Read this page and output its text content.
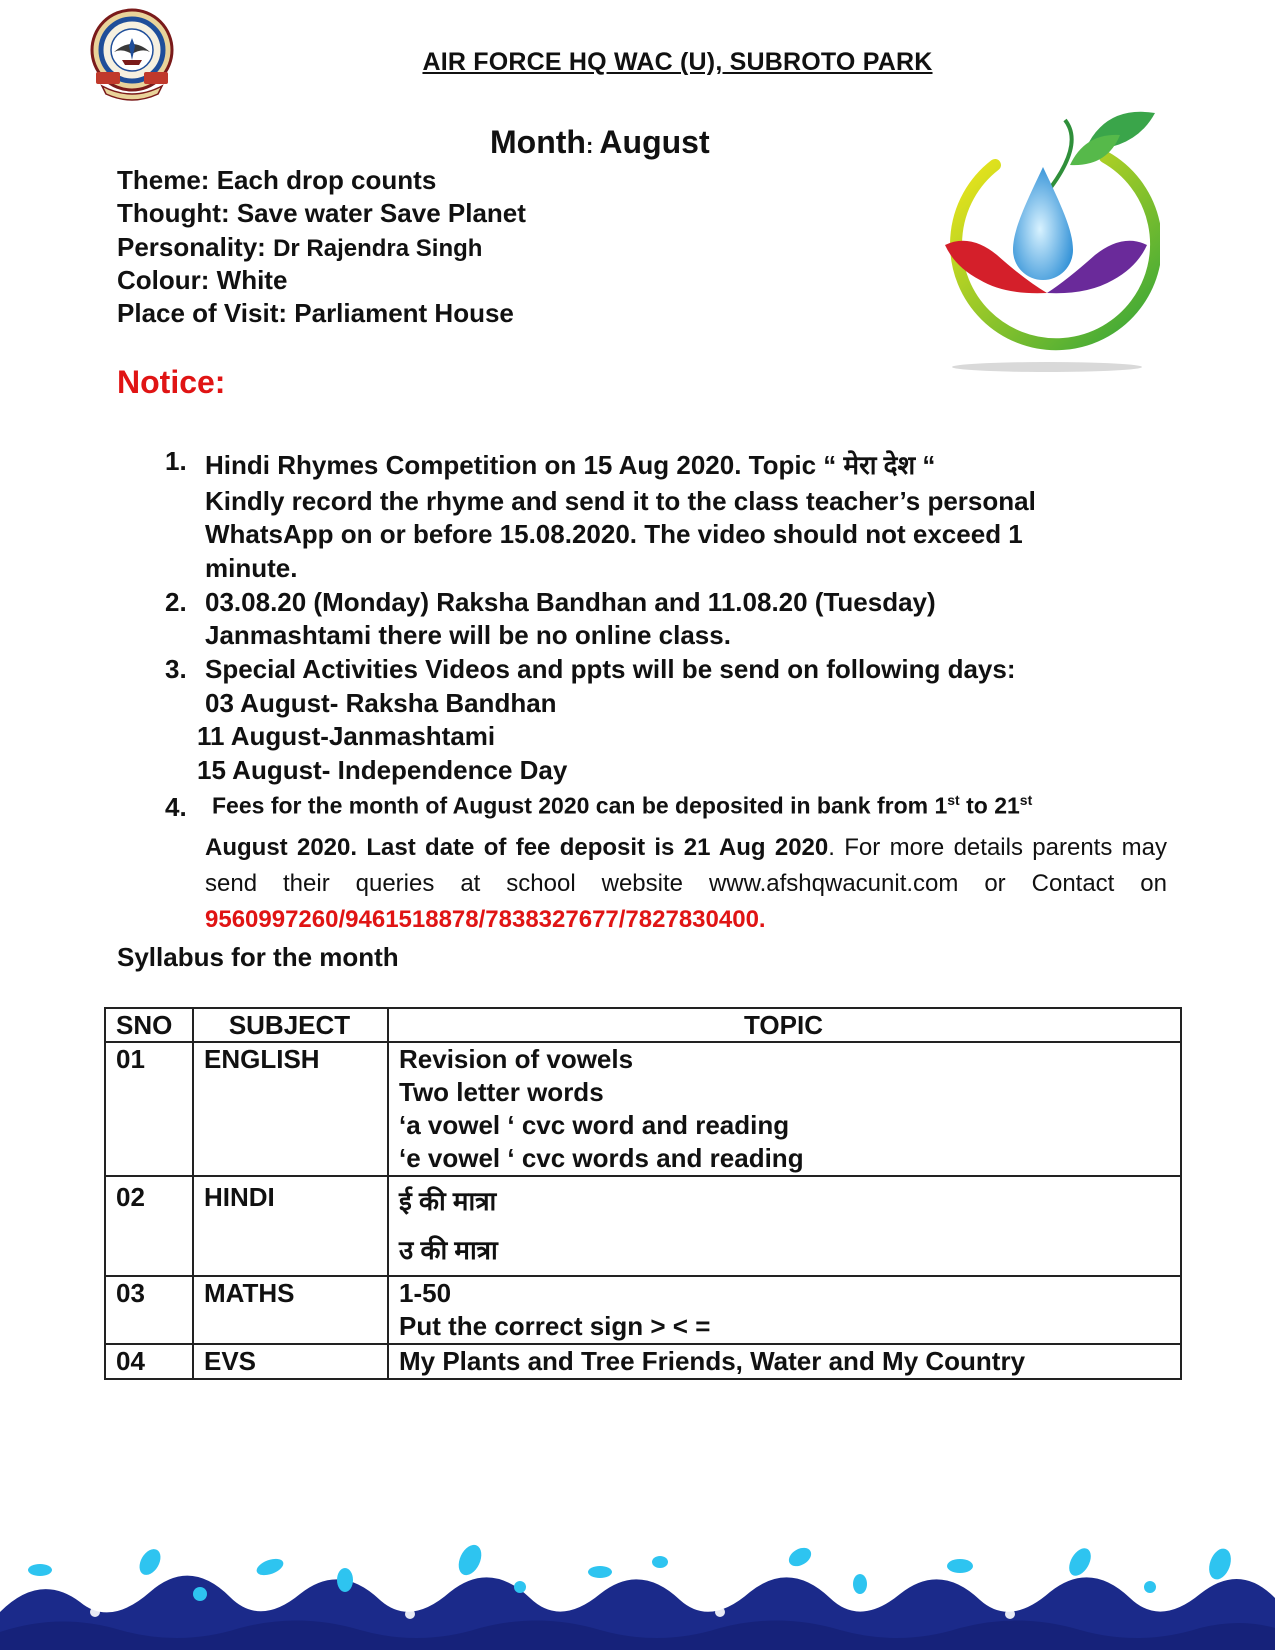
AIR FORCE HQ WAC (U), SUBROTO PARK
Month: August
Theme: Each drop counts
Thought: Save water Save Planet
Personality: Dr Rajendra Singh
Colour: White
Place of Visit: Parliament House
Notice:
1. Hindi Rhymes Competition on 15 Aug 2020. Topic “ मेरा देश “
Kindly record the rhyme and send it to the class teacher’s personal
WhatsApp on or before 15.08.2020. The video should not exceed 1
minute.
2. 03.08.20 (Monday) Raksha Bandhan and 11.08.20 (Tuesday)
Janmashtami there will be no online class.
3. Special Activities Videos and ppts will be send on following days:
03 August- Raksha Bandhan
11 August-Janmashtami
15 August- Independence Day
4. Fees for the month of August 2020 can be deposited in bank from 1st to 21st
August 2020. Last date of fee deposit is 21 Aug 2020. For more details parents may send their queries at school website www.afshqwacunit.com or Contact on 9560997260/9461518878/7838327677/7827830400.
Syllabus for the month
SNO	SUBJECT	TOPIC
01	ENGLISH	Revision of vowels
Two letter words
‘a vowel ‘ cvc word and reading
‘e vowel ‘ cvc words and reading

02	HINDI	ई की मात्रा
उ की मात्रा

03	MATHS	1-50
Put the correct sign > < =

04	EVS	My Plants and Tree Friends, Water and My Country
